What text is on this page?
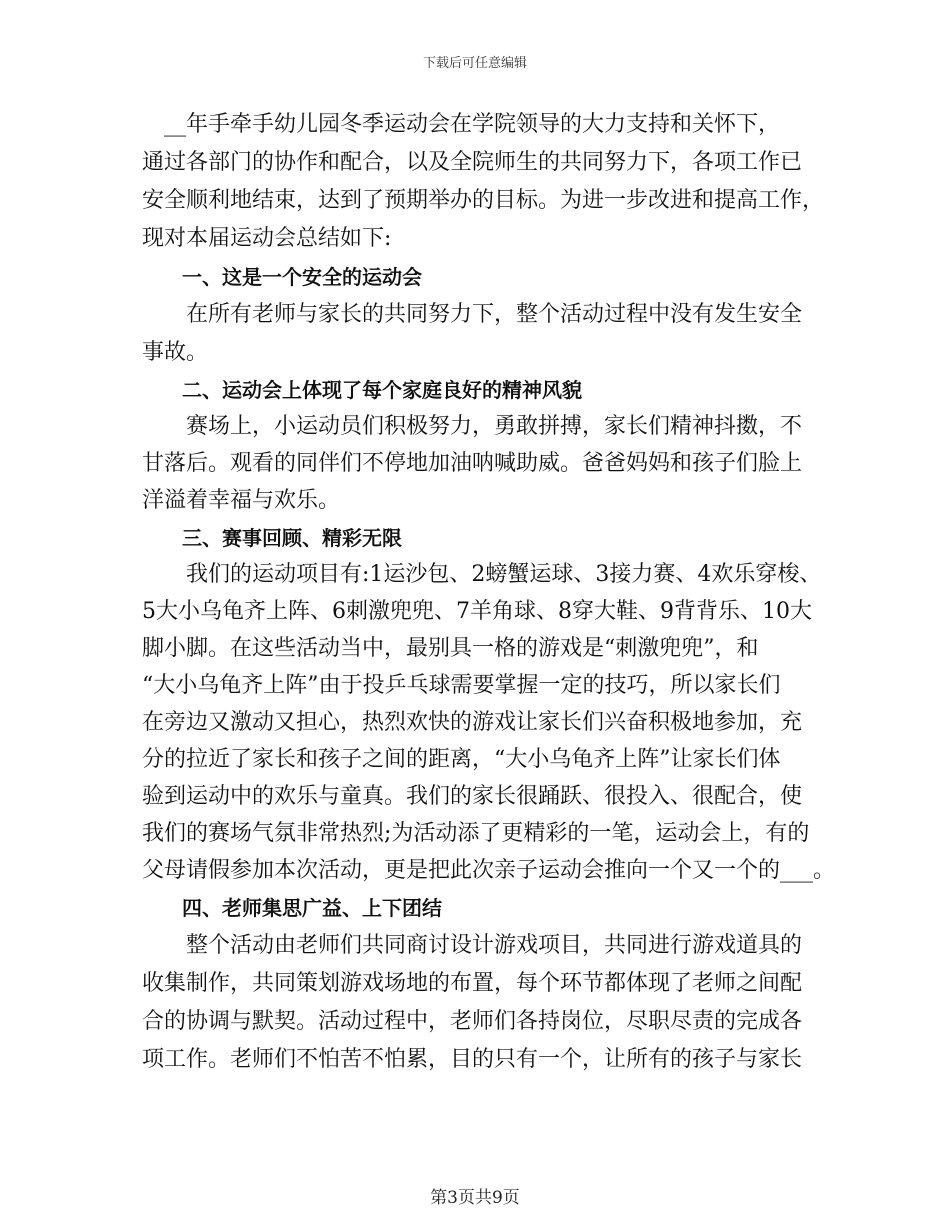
下载后可任意编辑
　__年手牵手幼儿园冬季运动会在学院领导的大力支持和关怀下，
通过各部门的协作和配合，以及全院师生的共同努力下，各项工作已
安全顺利地结束，达到了预期举办的目标。为进一步改进和提高工作，
现对本届运动会总结如下:
　　一、这是一个安全的运动会
　　在所有老师与家长的共同努力下，整个活动过程中没有发生安全
事故。
　　二、运动会上体现了每个家庭良好的精神风貌
　　赛场上，小运动员们积极努力，勇敢拼搏，家长们精神抖擞，不
甘落后。观看的同伴们不停地加油呐喊助威。爸爸妈妈和孩子们脸上
洋溢着幸福与欢乐。
　　三、赛事回顾、精彩无限
　　我们的运动项目有:1运沙包、2螃蟹运球、3接力赛、4欢乐穿梭、
5大小乌龟齐上阵、6刺激兜兜、7羊角球、8穿大鞋、9背背乐、10大
脚小脚。在这些活动当中，最别具一格的游戏是“刺激兜兜”，和
“大小乌龟齐上阵”由于投乒乓球需要掌握一定的技巧，所以家长们
在旁边又激动又担心，热烈欢快的游戏让家长们兴奋积极地参加，充
分的拉近了家长和孩子之间的距离，“大小乌龟齐上阵”让家长们体
验到运动中的欢乐与童真。我们的家长很踊跃、很投入、很配合，使
我们的赛场气氛非常热烈;为活动添了更精彩的一笔，运动会上，有的
父母请假参加本次活动，更是把此次亲子运动会推向一个又一个的___。
　　四、老师集思广益、上下团结
　　整个活动由老师们共同商讨设计游戏项目，共同进行游戏道具的
收集制作，共同策划游戏场地的布置，每个环节都体现了老师之间配
合的协调与默契。活动过程中，老师们各持岗位，尽职尽责的完成各
项工作。老师们不怕苦不怕累，目的只有一个，让所有的孩子与家长
第3页共9页
